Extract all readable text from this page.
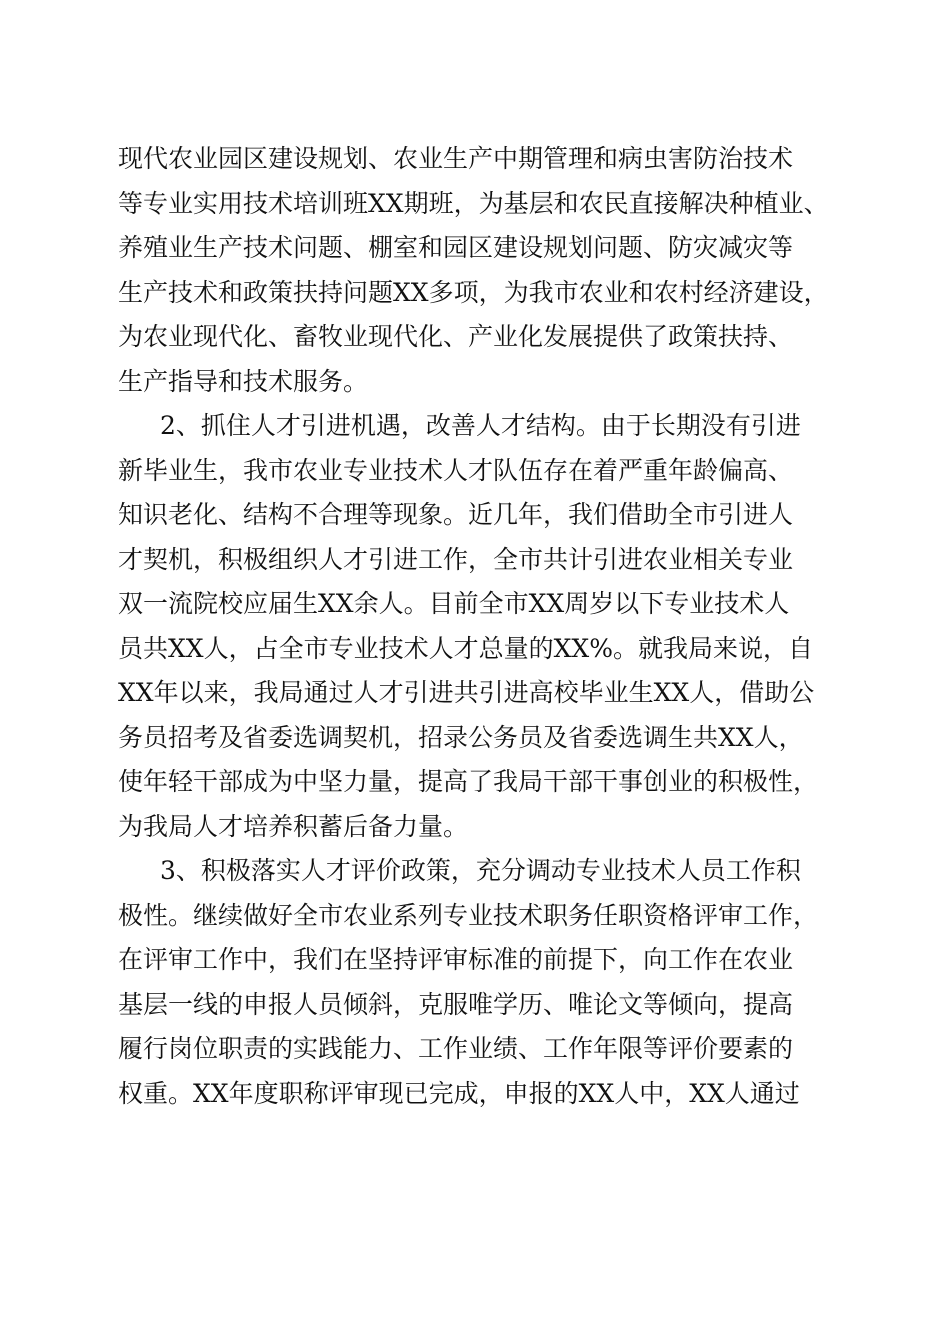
现代农业园区建设规划、农业生产中期管理和病虫害防治技术
等专业实用技术培训班XX期班，为基层和农民直接解决种植业、
养殖业生产技术问题、棚室和园区建设规划问题、防灾减灾等
生产技术和政策扶持问题XX多项，为我市农业和农村经济建设，
为农业现代化、畜牧业现代化、产业化发展提供了政策扶持、
生产指导和技术服务。
2、抓住人才引进机遇，改善人才结构。由于长期没有引进
新毕业生，我市农业专业技术人才队伍存在着严重年龄偏高、
知识老化、结构不合理等现象。近几年，我们借助全市引进人
才契机，积极组织人才引进工作，全市共计引进农业相关专业
双一流院校应届生XX余人。目前全市XX周岁以下专业技术人
员共XX人，占全市专业技术人才总量的XX%。就我局来说，自
XX年以来，我局通过人才引进共引进高校毕业生XX人，借助公
务员招考及省委选调契机，招录公务员及省委选调生共XX人，
使年轻干部成为中坚力量，提高了我局干部干事创业的积极性，
为我局人才培养积蓄后备力量。
3、积极落实人才评价政策，充分调动专业技术人员工作积
极性。继续做好全市农业系列专业技术职务任职资格评审工作，
在评审工作中，我们在坚持评审标准的前提下，向工作在农业
基层一线的申报人员倾斜，克服唯学历、唯论文等倾向，提高
履行岗位职责的实践能力、工作业绩、工作年限等评价要素的
权重。XX年度职称评审现已完成，申报的XX人中，XX人通过
